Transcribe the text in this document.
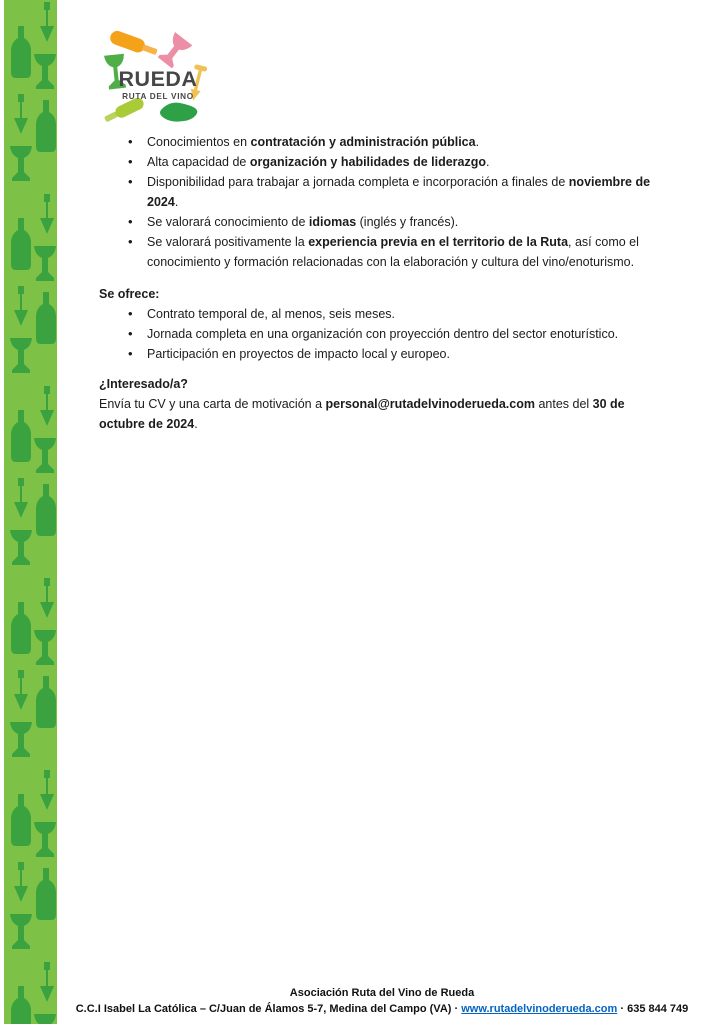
RUEDA
RUTA DEL VINO
• Conocimientos en contratación y administración pública.
• Alta capacidad de organización y habilidades de liderazgo.
• Disponibilidad para trabajar a jornada completa e incorporación a finales de noviembre de
2024.
• Se valorará conocimiento de idiomas (inglés y francés).
• Se valorará positivamente la experiencia previa en el territorio de la Ruta, así como el
conocimiento y formación relacionadas con la elaboración y cultura del vino/enoturismo.

Se ofrece:

• Contrato temporal de, al menos, seis meses.
• Jornada completa en una organización con proyección dentro del sector enoturístico.
• Participación en proyectos de impacto local y europeo.

¿Interesado/a?

Envía tu CV y una carta de motivación a personal@rutadelvinoderueda.com antes del 30 de
octubre de 2024.

Asociación Ruta del Vino de Rueda
C.C.I Isabel La Católica – C/Juan de Álamos 5-7, Medina del Campo (VA) · www.rutadelvinoderueda.com · 635 844 749
